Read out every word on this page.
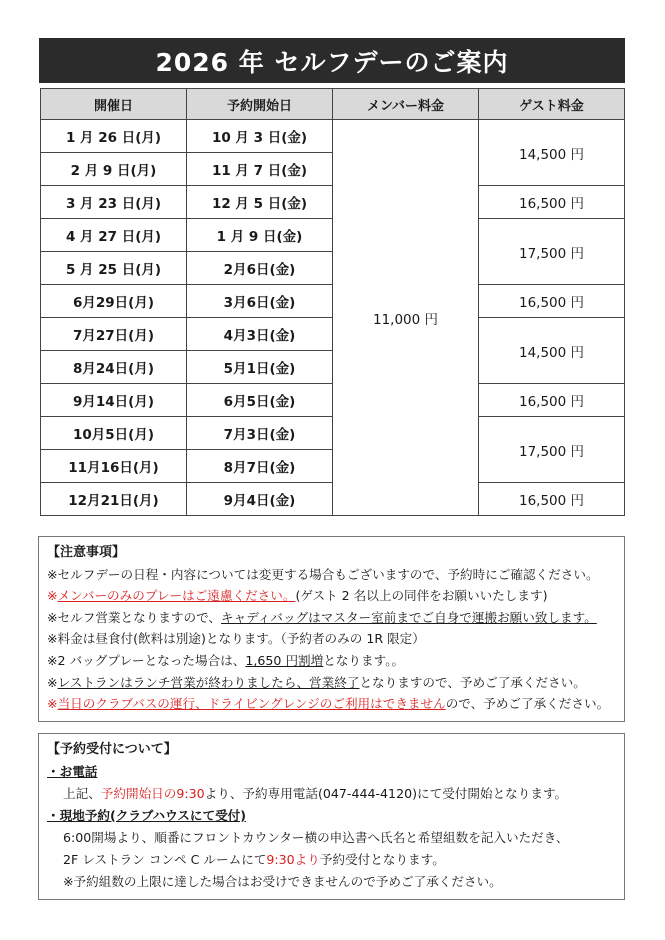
2026 年 セルフデーのご案内
開催日	予約開始日	メンバー料金	ゲスト料金
1 月 26 日(月)	10 月 3 日(金)	11,000 円	14,500 円
2 月 9 日(月)	11 月 7 日(金)		
3 月 23 日(月)	12 月 5 日(金)		16,500 円
4 月 27 日(月)	1 月 9 日(金)		17,500 円
5 月 25 日(月)	2月6日(金)		
6月29日(月)	3月6日(金)		16,500 円
7月27日(月)	4月3日(金)		14,500 円
8月24日(月)	5月1日(金)		
9月14日(月)	6月5日(金)		16,500 円
10月5日(月)	7月3日(金)		17,500 円
11月16日(月)	8月7日(金)		
12月21日(月)	9月4日(金)		16,500 円
【注意事項】
※セルフデーの日程・内容については変更する場合もございますので、予約時にご確認ください。
※メンバーのみのプレーはご遠慮ください。(ゲスト 2 名以上の同伴をお願いいたします)
※セルフ営業となりますので、キャディバッグはマスター室前までご自身で運搬お願い致します。
※料金は昼食付(飲料は別途)となります。（予約者のみの 1R 限定）
※2 バッグプレーとなった場合は、1,650 円割増となります。。
※レストランはランチ営業が終わりましたら、営業終了となりますので、予めご了承ください。
※当日のクラブバスの運行、ドライビングレンジのご利用はできませんので、予めご了承ください。
【予約受付について】
・お電話
上記、予約開始日の9:30より、予約専用電話(047-444-4120)にて受付開始となります。
・現地予約(クラブハウスにて受付)
6:00開場より、順番にフロントカウンター横の申込書へ氏名と希望組数を記入いただき、
2F レストラン コンペ C ルームにて9:30より予約受付となります。
※予約組数の上限に達した場合はお受けできませんので予めご了承ください。
